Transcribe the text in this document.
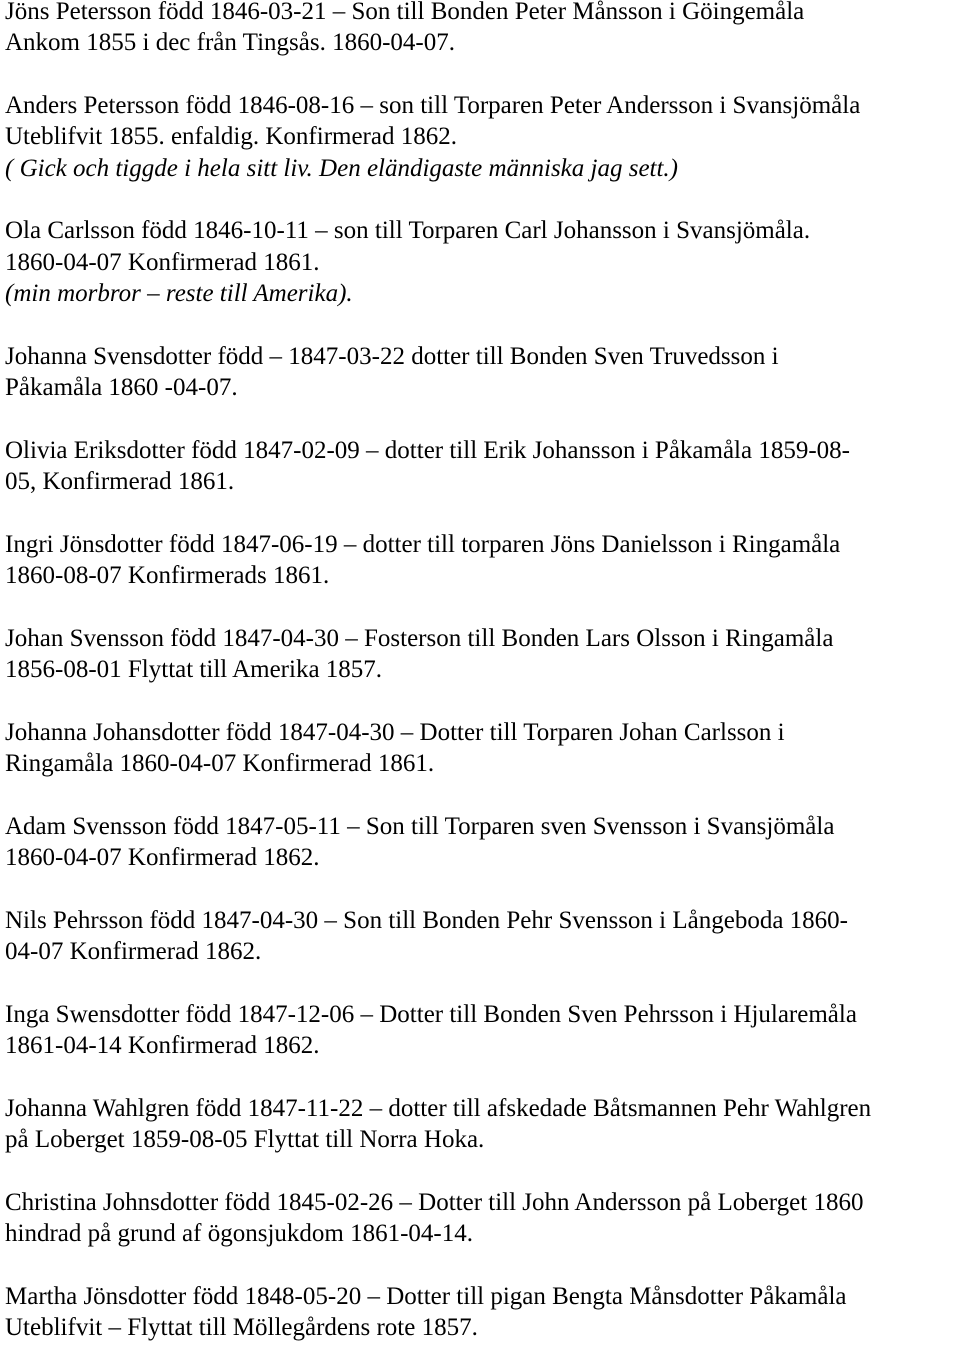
Jöns Petersson född 1846-03-21 – Son till Bonden Peter Månsson i Göingemåla
Ankom 1855 i dec från Tingsås. 1860-04-07.
Anders Petersson född 1846-08-16 – son till Torparen Peter Andersson i Svansjömåla
Uteblifvit 1855. enfaldig. Konfirmerad 1862.
( Gick och tiggde i hela sitt liv. Den eländigaste människa jag sett.)
Ola Carlsson född 1846-10-11 – son till Torparen Carl Johansson i Svansjömåla.
1860-04-07 Konfirmerad 1861.
(min morbror – reste till Amerika).
Johanna Svensdotter född – 1847-03-22 dotter till Bonden Sven Truvedsson i
Påkamåla 1860 -04-07.
Olivia Eriksdotter född 1847-02-09 – dotter till Erik Johansson i Påkamåla 1859-08-
05, Konfirmerad 1861.
Ingri Jönsdotter född 1847-06-19 – dotter till torparen Jöns Danielsson i Ringamåla
1860-08-07 Konfirmerads 1861.
Johan Svensson född 1847-04-30 – Fosterson till Bonden Lars Olsson i Ringamåla
1856-08-01 Flyttat till Amerika 1857.
Johanna Johansdotter född 1847-04-30 – Dotter till Torparen Johan Carlsson i
Ringamåla 1860-04-07 Konfirmerad 1861.
Adam Svensson född 1847-05-11 – Son till Torparen sven Svensson i Svansjömåla
1860-04-07 Konfirmerad 1862.
Nils Pehrsson född 1847-04-30 – Son till Bonden Pehr Svensson i Långeboda 1860-
04-07 Konfirmerad 1862.
Inga Swensdotter född 1847-12-06 – Dotter till Bonden Sven Pehrsson i Hjularemåla
1861-04-14 Konfirmerad 1862.
Johanna Wahlgren född 1847-11-22 – dotter till afskedade Båtsmannen Pehr Wahlgren
på Loberget 1859-08-05 Flyttat till Norra Hoka.
Christina Johnsdotter född 1845-02-26 – Dotter till John Andersson på Loberget 1860
hindrad på grund af ögonsjukdom 1861-04-14.
Martha Jönsdotter född 1848-05-20 – Dotter till pigan Bengta Månsdotter Påkamåla
Uteblifvit – Flyttat till Möllegårdens rote 1857.
